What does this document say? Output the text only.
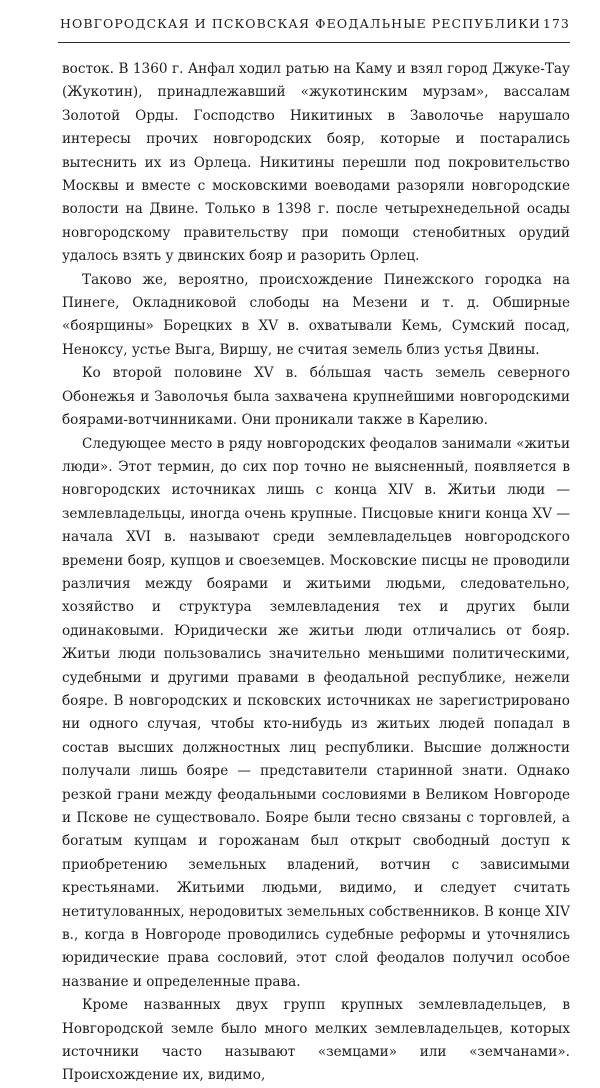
НОВГОРОДСКАЯ И ПСКОВСКАЯ ФЕОДАЛЬНЫЕ РЕСПУБЛИКИ 173

восток. В 1360 г. Анфал ходил ратью на Каму и взял город Джуке-Тау (Жукотин), принадлежавший «жукотинским мурзам», вассалам Золотой Орды. Господство Никитиных в Заволочье нарушало интересы прочих новгородских бояр, которые и постарались вытеснить их из Орлеца. Никитины перешли под покровительство Москвы и вместе с московскими воеводами разоряли новгородские волости на Двине. Только в 1398 г. после четырехнедельной осады новгородскому правительству при помощи стенобитных орудий удалось взять у двинских бояр и разорить Орлец.

Таково же, вероятно, происхождение Пинежского городка на Пинеге, Окладниковой слободы на Мезени и т. д. Обширные «боярщины» Борецких в XV в. охватывали Кемь, Сумский посад, Неноксу, устье Выга, Виршу, не считая земель близ устья Двины.

Ко второй половине XV в. бóльшая часть земель северного Обонежья и Заволочья была захвачена крупнейшими новгородскими боярами-вотчинниками. Они проникали также в Карелию.

Следующее место в ряду новгородских феодалов занимали «житьи люди». Этот термин, до сих пор точно не выясненный, появляется в новгородских источниках лишь с конца XIV в. Житьи люди — землевладельцы, иногда очень крупные. Писцовые книги конца XV — начала XVI в. называют среди землевладельцев новгородского времени бояр, купцов и своеземцев. Московские писцы не проводили различия между боярами и житьими людьми, следовательно, хозяйство и структура землевладения тех и других были одинаковыми. Юридически же житьи люди отличались от бояр. Житьи люди пользовались значительно меньшими политическими, судебными и другими правами в феодальной республике, нежели бояре. В новгородских и псковских источниках не зарегистрировано ни одного случая, чтобы кто-нибудь из житьих людей попадал в состав высших должностных лиц республики. Высшие должности получали лишь бояре — представители старинной знати. Однако резкой грани между феодальными сословиями в Великом Новгороде и Пскове не существовало. Бояре были тесно связаны с торговлей, а богатым купцам и горожанам был открыт свободный доступ к приобретению земельных владений, вотчин с зависимыми крестьянами. Житьими людьми, видимо, и следует считать нетитулованных, неродовитых земельных собственников. В конце XIV в., когда в Новгороде проводились судебные реформы и уточнялись юридические права сословий, этот слой феодалов получил особое название и определенные права.

Кроме названных двух групп крупных землевладельцев, в Новгородской земле было много мелких землевладельцев, которых источники часто называют «земцами» или «земчанами». Происхождение их, видимо,
